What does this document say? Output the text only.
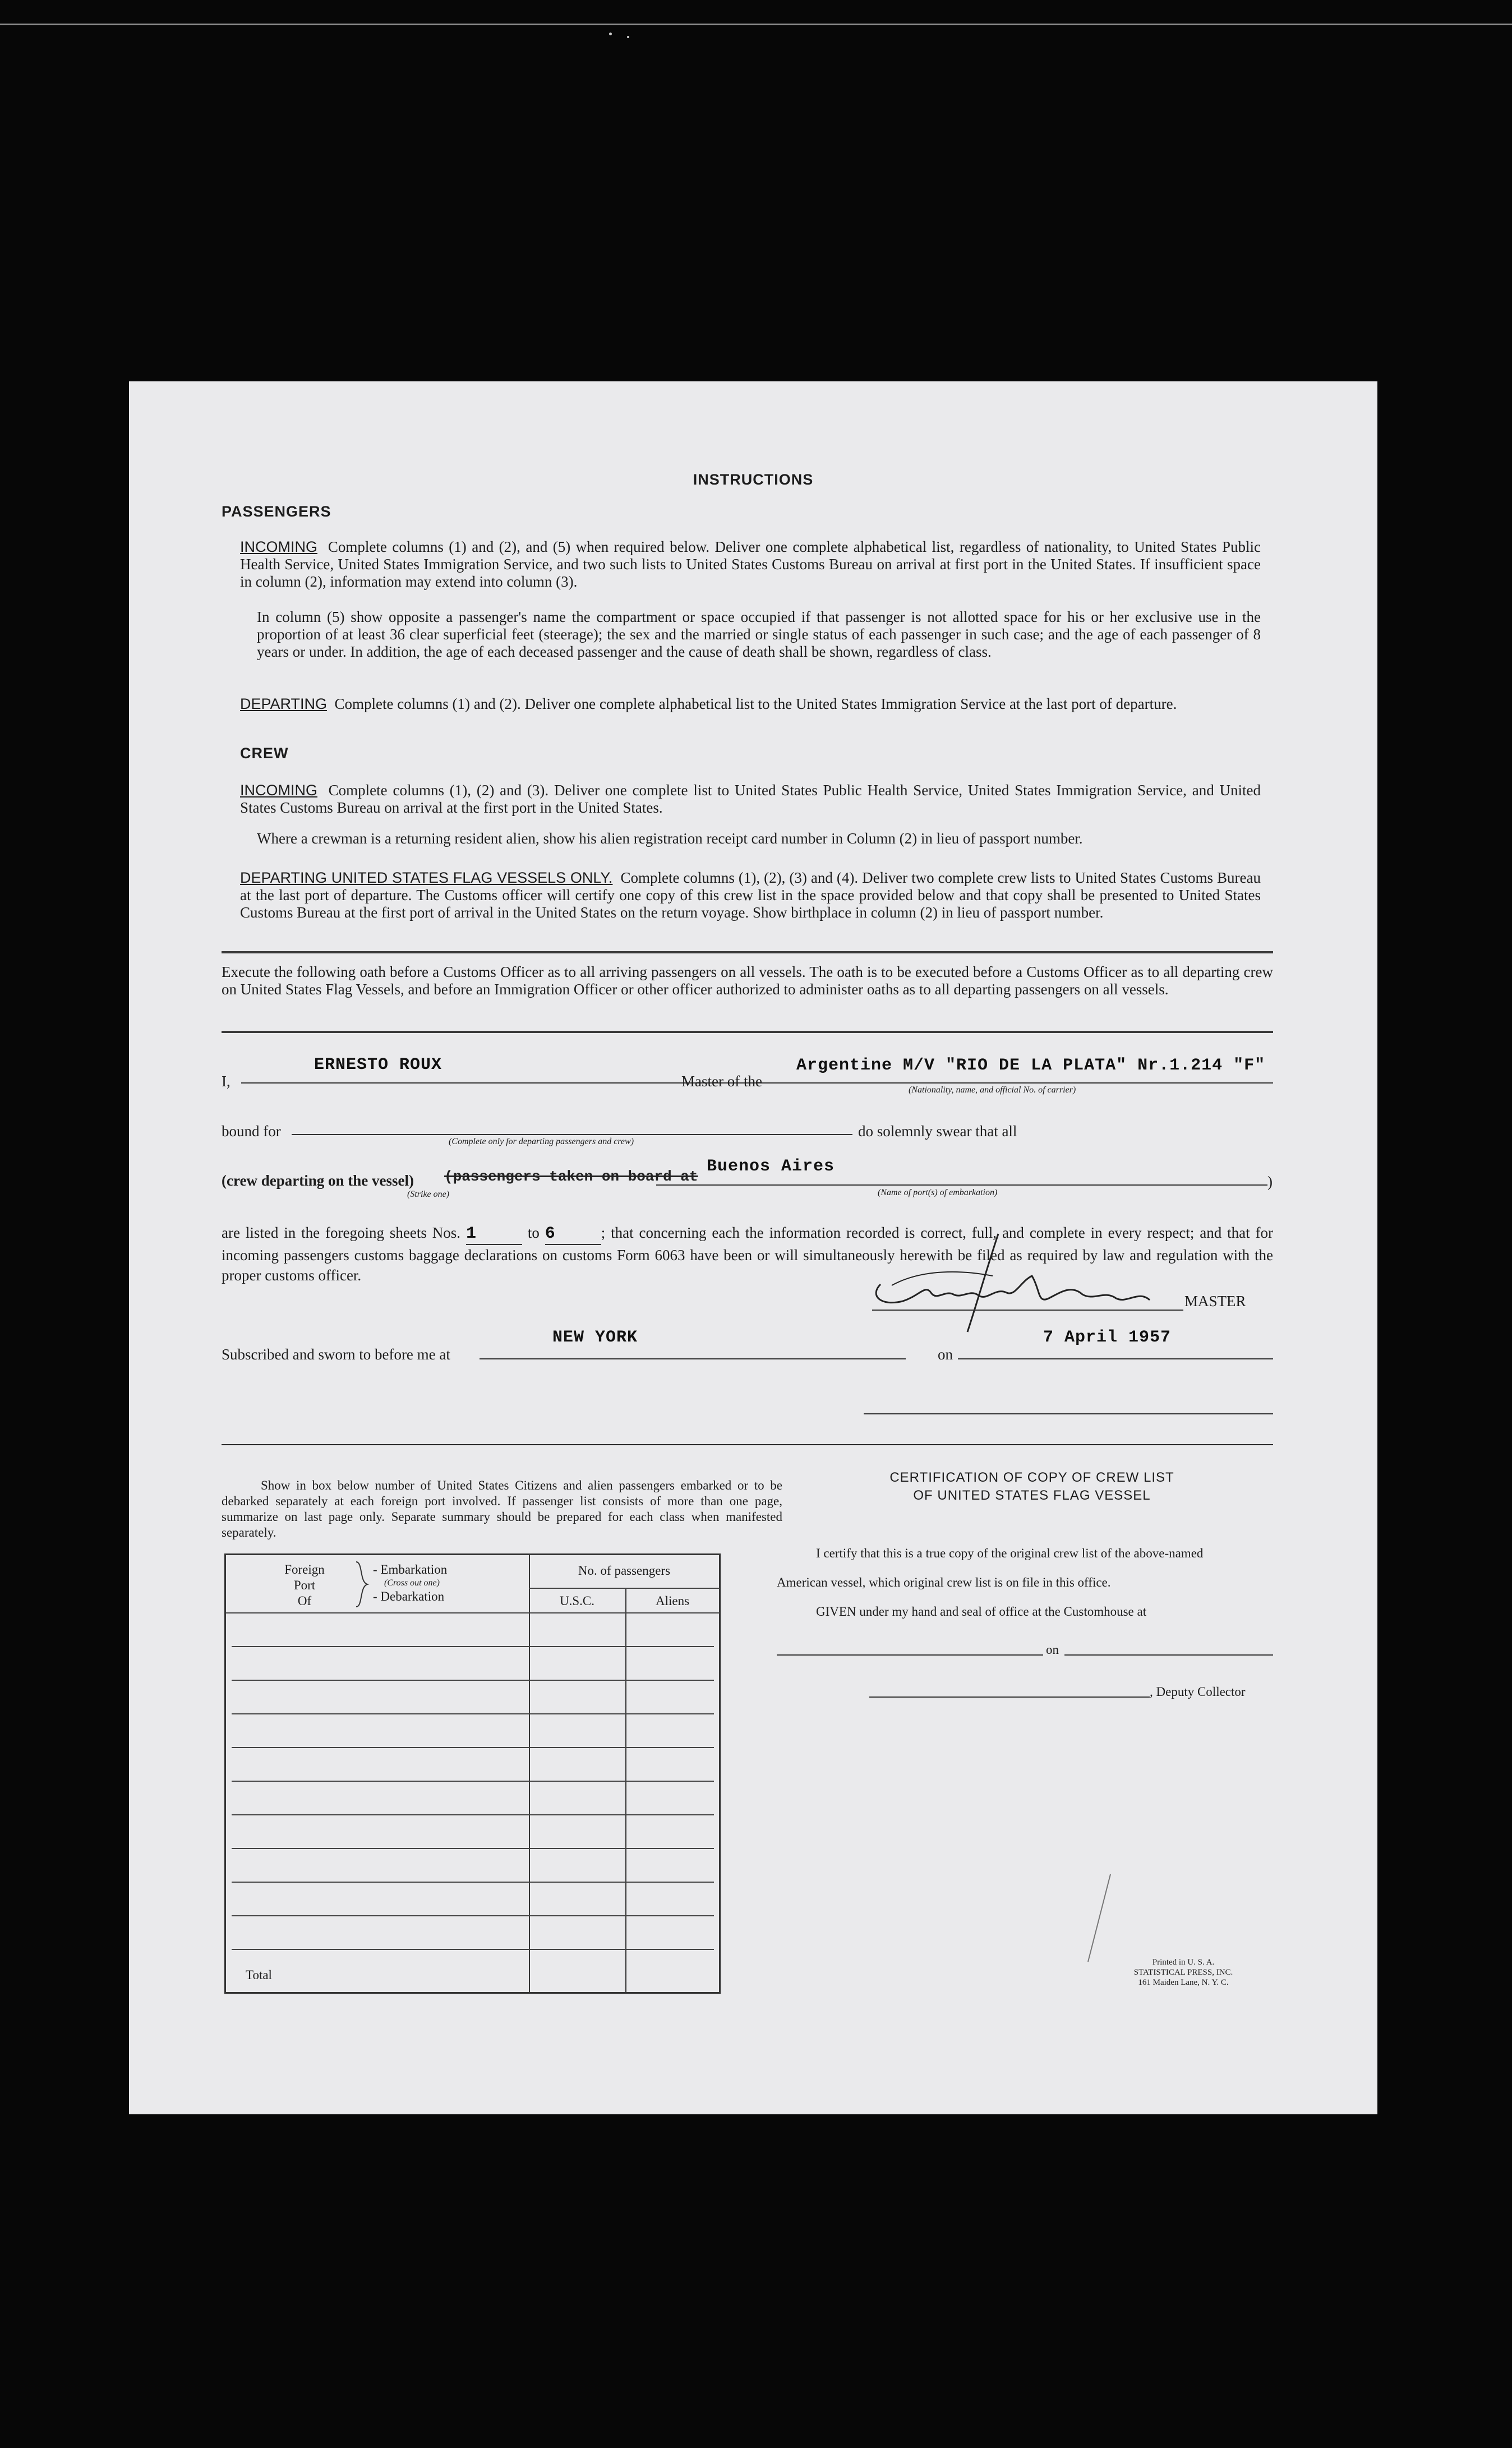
INSTRUCTIONS
PASSENGERS
INCOMING Complete columns (1) and (2), and (5) when required below. Deliver one complete alphabetical list, regardless of nationality, to United States Public Health Service, United States Immigration Service, and two such lists to United States Customs Bureau on arrival at first port in the United States. If insufficient space in column (2), information may extend into column (3).
In column (5) show opposite a passenger's name the compartment or space occupied if that passenger is not allotted space for his or her exclusive use in the proportion of at least 36 clear superficial feet (steerage); the sex and the married or single status of each passenger in such case; and the age of each passenger of 8 years or under. In addition, the age of each deceased passenger and the cause of death shall be shown, regardless of class.
DEPARTING Complete columns (1) and (2). Deliver one complete alphabetical list to the United States Immigration Service at the last port of departure.
CREW
INCOMING Complete columns (1), (2) and (3). Deliver one complete list to United States Public Health Service, United States Immigration Service, and United States Customs Bureau on arrival at the first port in the United States.
Where a crewman is a returning resident alien, show his alien registration receipt card number in Column (2) in lieu of passport number.
DEPARTING UNITED STATES FLAG VESSELS ONLY. Complete columns (1), (2), (3) and (4). Deliver two complete crew lists to United States Customs Bureau at the last port of departure. The Customs officer will certify one copy of this crew list in the space provided below and that copy shall be presented to United States Customs Bureau at the first port of arrival in the United States on the return voyage. Show birthplace in column (2) in lieu of passport number.
Execute the following oath before a Customs Officer as to all arriving passengers on all vessels. The oath is to be executed before a Customs Officer as to all departing crew on United States Flag Vessels, and before an Immigration Officer or other officer authorized to administer oaths as to all departing passengers on all vessels.
I,
ERNESTO ROUX
Master of the
Argentine M/V "RIO DE LA PLATA" Nr.1.214 "F"
(Nationality, name, and official No. of carrier)
bound for
(Complete only for departing passengers and crew)
do solemnly swear that all
(crew departing on the vessel) (passengers taken on board at
(Strike one)
Buenos Aires
(Name of port(s) of embarkation)
)
are listed in the foregoing sheets Nos. 1	to 6	; that concerning each the information recorded is correct, full, and complete in every respect; and that for incoming passengers customs baggage declarations on customs Form 6063 have been or will simultaneously herewith be filed as required by law and regulation with the proper customs officer.
MASTER
Subscribed and sworn to before me at
NEW YORK
on
7 April 1957
Show in box below number of United States Citizens and alien passengers embarked or to be debarked separately at each foreign port involved. If passenger list consists of more than one page, summarize on last page only. Separate summary should be prepared for each class when manifested separately.
Foreign
Port
Of
- Embarkation
(Cross out one)
- Debarkation
No. of passengers
U.S.C.	Aliens
Total
CERTIFICATION OF COPY OF CREW LIST
OF UNITED STATES FLAG VESSEL
I certify that this is a true copy of the original crew list of the above-named
American vessel, which original crew list is on file in this office.
GIVEN under my hand and seal of office at the Customhouse at
on
, Deputy Collector
Printed in U. S. A.
STATISTICAL PRESS, INC.
161 Maiden Lane, N. Y. C.
